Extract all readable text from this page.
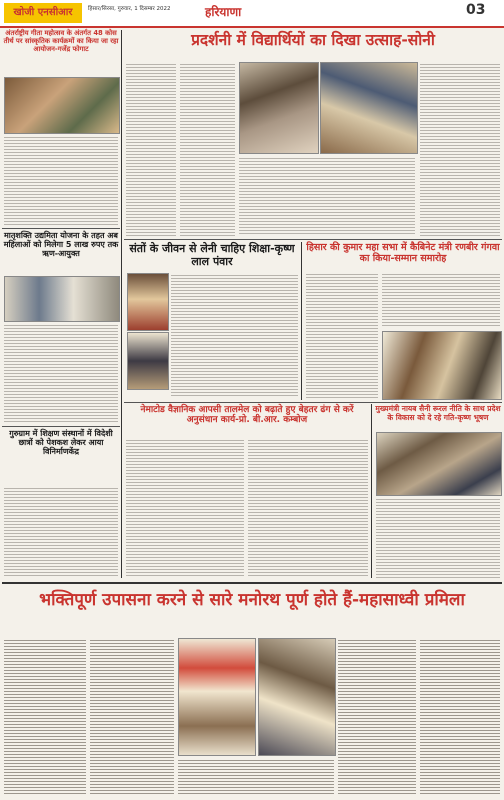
खोजी एनसीआर	हिसार/सिरसा, गुरुवार, 1 दिसम्बर 2022	हरियाणा	03
अंतर्राष्ट्रीय गीता महोत्सव के अंतर्गत 48 कोस तीर्थ पर सांस्कृतिक कार्यक्रमों का किया जा रहा आयोजन-गजेंद्र फोगाट
मातृशक्ति उद्यमिता योजना के तहत अब महिलाओं को मिलेगा 5 लाख रुपए तक ऋण-आयुक्त
गुरुग्राम में शिक्षण संस्थानों में विदेशी छात्रों को पेशकश लेकर आया विनिर्माणकेंद्र
प्रदर्शनी में विद्यार्थियों का दिखा उत्साह-सोनी
संतों के जीवन से लेनी चाहिए शिक्षा-कृष्ण लाल पंवार
हिसार की कुमार महा सभा में कैबिनेट मंत्री रणबीर गंगवा का किया-सम्मान समारोह
नेमाटोड वैज्ञानिक आपसी तालमेल को बढ़ाते हुए बेहतर ढंग से करें अनुसंधान कार्य-प्रो. बी.आर. कम्बोज
मुख्यमंत्री नायब सैनी रूरल नीति के साथ प्रदेश के विकास को दे रहे गति-कृष्ण भूषण
भक्तिपूर्ण उपासना करने से सारे मनोरथ पूर्ण होते हैं-महासाध्वी प्रमिला
